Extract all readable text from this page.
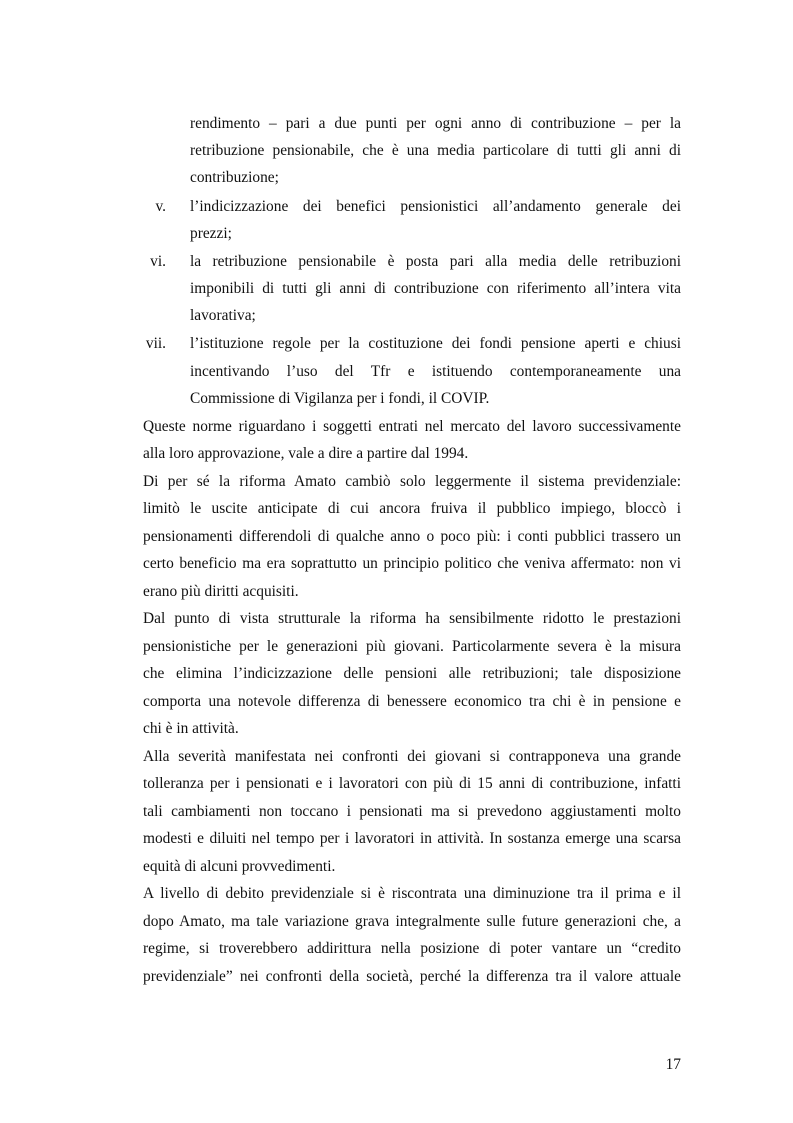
rendimento – pari a due punti per ogni anno di contribuzione – per la
retribuzione pensionabile, che è una media particolare di tutti gli anni di
contribuzione;
v. l’indicizzazione dei benefici pensionistici all’andamento generale dei
prezzi;
vi. la retribuzione pensionabile è posta pari alla media delle retribuzioni
imponibili di tutti gli anni di contribuzione con riferimento all’intera vita
lavorativa;
vii. l’istituzione regole per la costituzione dei fondi pensione aperti e chiusi
incentivando l’uso del Tfr e istituendo contemporaneamente una
Commissione di Vigilanza per i fondi, il COVIP.
Queste norme riguardano i soggetti entrati nel mercato del lavoro successivamente
alla loro approvazione, vale a dire a partire dal 1994.
Di per sé la riforma Amato cambiò solo leggermente il sistema previdenziale:
limitò le uscite anticipate di cui ancora fruiva il pubblico impiego, bloccò i
pensionamenti differendoli di qualche anno o poco più: i conti pubblici trassero un
certo beneficio ma era soprattutto un principio politico che veniva affermato: non vi
erano più diritti acquisiti.
Dal punto di vista strutturale la riforma ha sensibilmente ridotto le prestazioni
pensionistiche per le generazioni più giovani. Particolarmente severa è la misura
che elimina l’indicizzazione delle pensioni alle retribuzioni; tale disposizione
comporta una notevole differenza di benessere economico tra chi è in pensione e
chi è in attività.
Alla severità manifestata nei confronti dei giovani si contrapponeva una grande
tolleranza per i pensionati e i lavoratori con più di 15 anni di contribuzione, infatti
tali cambiamenti non toccano i pensionati ma si prevedono aggiustamenti molto
modesti e diluiti nel tempo per i lavoratori in attività. In sostanza emerge una scarsa
equità di alcuni provvedimenti.
A livello di debito previdenziale si è riscontrata una diminuzione tra il prima e il
dopo Amato, ma tale variazione grava integralmente sulle future generazioni che, a
regime, si troverebbero addirittura nella posizione di poter vantare un “credito
previdenziale” nei confronti della società, perché la differenza tra il valore attuale
17
